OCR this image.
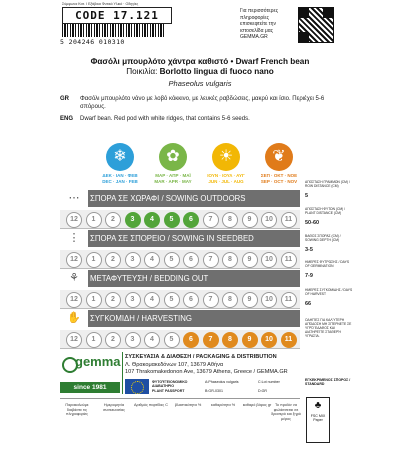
CODE 17.121
Σύμφωνα Κατ. Ι Εξάβικα Φυτικό Υλικό · Οδηγίες
5 204246 010310
Για περισσότερες πληροφορίες επισκεφτείτε την ιστοσελίδα μας GEMMA.GR
Φασόλι μπουρλότο χάντρα καθιστό • Dwarf French bean
Ποικιλία: Borlotto lingua di fuoco nano
Phaseolus vulgaris
GR Φασόλι μπουρλότο νάνο με λοβό κόκκινο, με λευκές ραβδώσεις, μακρύ και ίσιο. Περιέχει 5-6 σπόρους.
ENG Dwarf bean. Red pod with white ridges, that contains 5-6 seeds.
❄
ΔΕΚ · ΙΑΝ · ΦΕΒ
DEC · JAN · FEB
✿
ΜΑΡ · ΑΠΡ · ΜΑΪ
MAR · APR · MAY
☀
ΙΟΥΝ · ΙΟΥΛ · ΑΥΓ
JUN · JUL · AUG
❦
ΣΕΠ · ΟΚΤ · ΝΟΕ
SEP · OCT · NOV
⋯	ΣΠΟΡΑ ΣΕ ΧΩΡΑΦΙ / SOWING OUTDOORS
12	1	2	3	4	5	6	7	8	9	10	11
⋮	ΣΠΟΡΑ ΣΕ ΣΠΟΡΕΙΟ / SOWING IN SEEDBED
12	1	2	3	4	5	6	7	8	9	10	11
⚘	ΜΕΤΑΦΥΤΕΥΣΗ / BEDDING OUT
12	1	2	3	4	5	6	7	8	9	10	11
✋	ΣΥΓΚΟΜΙΔΗ / HARVESTING
12	1	2	3	4	5	6	7	8	9	10	11
ΑΠΟΣΤΑΣΗ ΓΡΑΜΜΩΝ (CM) / ROW DISTANCE (CM)
5
ΑΠΟΣΤΑΣΗ ΦΥΤΩΝ (CM) / PLANT DISTANCE (CM)
50-60
ΒΑΘΟΣ ΣΠΟΡΑΣ (CM) / SOWING DEPTH (CM)
3-5
ΗΜΕΡΕΣ ΦΥΤΡΩΣΗΣ / DAYS OF GERMINATION
7-9
ΗΜΕΡΕΣ ΣΥΓΚΟΜΙΔΗΣ / DAYS OF HARVEST
66
ΟΔΗΓΊΕΣ ΓΙΑ ΚΑΛΎΤΕΡΗ ΑΠΌΔΟΣΗ ΜΗ ΣΠΈΡΝΕΤΕ ΣΕ ΥΓΡΌ ΈΔΑΦΟΣ ΚΑΙ ΔΙΑΤΗΡΕΊΤΕ ΣΤΑΘΕΡΉ ΥΓΡΑΣΊΑ.
ΕΓΚΕΚΡΙΜΕΝΟΣ ΣΠΟΡΟΣ / STANDARD
gemma
since 1981
ΣΥΣΚΕΥΑΣΙΑ & ΔΙΑΘΕΣΗ / PACKAGING & DISTRIBUTION
Λ. Θρακομακεδόνων 107, 13679 Αθήνα
107 Thrakomakedonon Ave, 13679 Athens, Greece / GEMMA.GR
ΦΥΤΟΫΓΕΙΟΝΟΜΙΚΟ ΔΙΑΒΑΤΗΡΙΟ
PLANT PASSPORT
A:Phaseolus vulgaris
B:GR-0301
C:Lot number
D:GR
Παρακαλούμε διαβάστε τις πληροφορίες
Ημερομηνία συσκευασίας
Αριθμός παρτίδας C	βλαστικότητα %	καθαρότητα %	καθαρό βάρος gr Το προϊόν να φυλάσσεται σε δροσερό και ξηρό μέρος
♣
FSC MIX Paper
